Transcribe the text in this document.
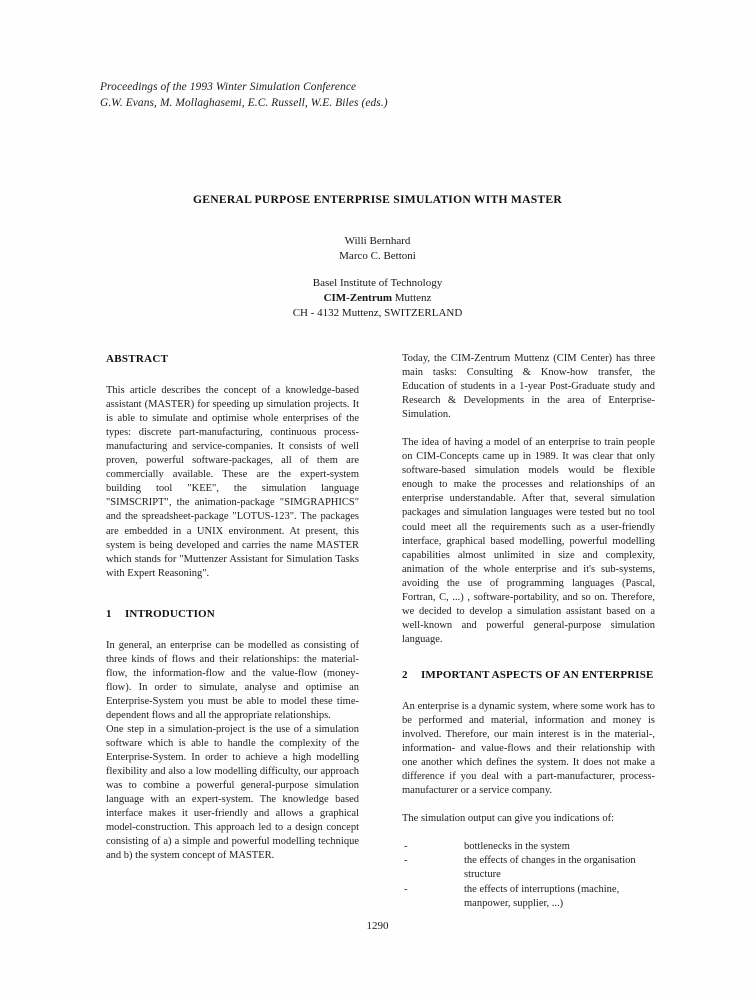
Proceedings of the 1993 Winter Simulation Conference
G.W. Evans, M. Mollaghasemi, E.C. Russell, W.E. Biles (eds.)
GENERAL PURPOSE ENTERPRISE SIMULATION WITH MASTER
Willi Bernhard
Marco C. Bettoni
Basel Institute of Technology
CIM-Zentrum Muttenz
CH - 4132 Muttenz, SWITZERLAND
ABSTRACT

This article describes the concept of a knowledge-based assistant (MASTER) for speeding up simulation projects. It is able to simulate and optimise whole enterprises of the types: discrete part-manufacturing, continuous process-manufacturing and service-companies. It consists of well proven, powerful software-packages, all of them are commercially available. These are the expert-system building tool "KEE", the simulation language "SIMSCRIPT", the animation-package "SIMGRAPHICS" and the spreadsheet-package "LOTUS-123". The packages are embedded in a UNIX environment. At present, this system is being developed and carries the name MASTER which stands for "Muttenzer Assistant for Simulation Tasks with Expert Reasoning".

1 INTRODUCTION

In general, an enterprise can be modelled as consisting of three kinds of flows and their relationships: the material-flow, the information-flow and the value-flow (money-flow). In order to simulate, analyse and optimise an Enterprise-System you must be able to model these time-dependent flows and all the appropriate relationships.

One step in a simulation-project is the use of a simulation software which is able to handle the complexity of the Enterprise-System. In order to achieve a high modelling flexibility and also a low modelling difficulty, our approach was to combine a powerful general-purpose simulation language with an expert-system. The knowledge based interface makes it user-friendly and allows a graphical model-construction. This approach led to a design concept consisting of a) a simple and powerful modelling technique and b) the system concept of MASTER.

Today, the CIM-Zentrum Muttenz (CIM Center) has three main tasks: Consulting & Know-how transfer, the Education of students in a 1-year Post-Graduate study and Research & Developments in the area of Enterprise-Simulation.

The idea of having a model of an enterprise to train people on CIM-Concepts came up in 1989. It was clear that only software-based simulation models would be flexible enough to make the processes and relationships of an enterprise understandable. After that, several simulation packages and simulation languages were tested but no tool could meet all the requirements such as a user-friendly interface, graphical based modelling, powerful modelling capabilities almost unlimited in size and complexity, animation of the whole enterprise and it's sub-systems, avoiding the use of programming languages (Pascal, Fortran, C, ...) , software-portability, and so on. Therefore, we decided to develop a simulation assistant based on a well-known and powerful general-purpose simulation language.

2 IMPORTANT ASPECTS OF AN ENTERPRISE

An enterprise is a dynamic system, where some work has to be performed and material, information and money is involved. Therefore, our main interest is in the material-, information- and value-flows and their relationship with one another which defines the system. It does not make a difference if you deal with a part-manufacturer, process-manufacturer or a service company.

The simulation output can give you indications of:

-	bottlenecks in the system
-	the effects of changes in the organisation structure
-	the effects of interruptions (machine, manpower, supplier, ...)
1290
